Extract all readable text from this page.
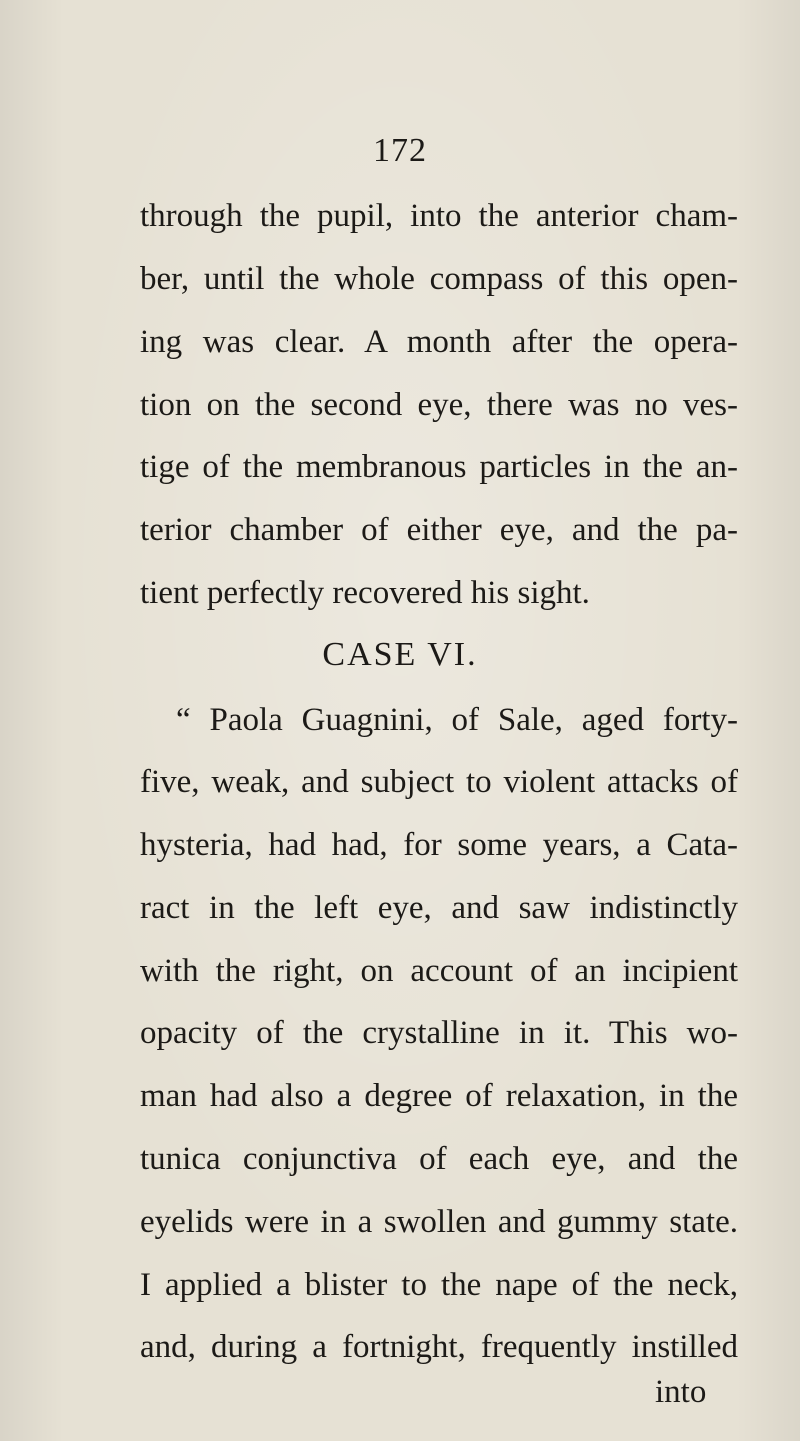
172
through the pupil, into the anterior cham-
ber, until the whole compass of this open-
ing was clear. A month after the opera-
tion on the second eye, there was no ves-
tige of the membranous particles in the an-
terior chamber of either eye, and the pa-
tient perfectly recovered his sight.
CASE VI.
“ Paola Guagnini, of Sale, aged forty-
five, weak, and subject to violent attacks of
hysteria, had had, for some years, a Cata-
ract in the left eye, and saw indistinctly
with the right, on account of an incipient
opacity of the crystalline in it. This wo-
man had also a degree of relaxation, in the
tunica conjunctiva of each eye, and the
eyelids were in a swollen and gummy state.
I applied a blister to the nape of the neck,
and, during a fortnight, frequently instilled
into
